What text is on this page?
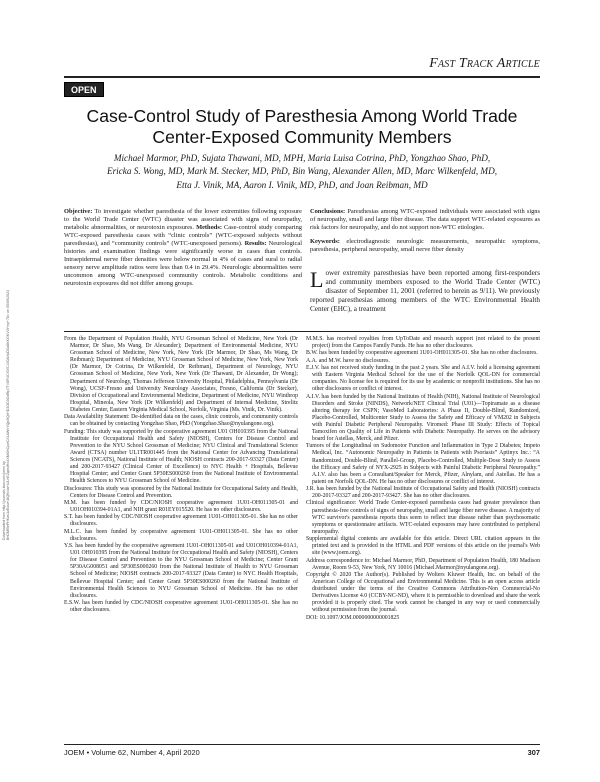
Downloaded from http://journals.lww.com/joem by BhDMf5ePHKav1zEoum1tQfN4a+kJLhEZgbsIHo4XMi0hCywCX1AWnYQp/IlQrHD3i3D0OdRyi7TvSFl4Cf3VC4/OAVpDDa8KKGKV0Ymy+78= on 05/09/2023
Fast Track Article
OPEN
Case-Control Study of Paresthesia Among World Trade Center-Exposed Community Members
Michael Marmor, PhD, Sujata Thawani, MD, MPH, Maria Luisa Cotrina, PhD, Yongzhao Shao, PhD,
Ericka S. Wong, MD, Mark M. Stecker, MD, PhD, Bin Wang, Alexander Allen, MD, Marc Wilkenfeld, MD,
Etta J. Vinik, MA, Aaron I. Vinik, MD, PhD, and Joan Reibman, MD
Objective: To investigate whether paresthesia of the lower extremities following exposure to the World Trade Center (WTC) disaster was associated with signs of neuropathy, metabolic abnormalities, or neurotoxin exposures. Methods: Case-control study comparing WTC-exposed paresthesia cases with “clinic controls” (WTC-exposed subjects without paresthesias), and “community controls” (WTC-unexposed persons). Results: Neurological histories and examination findings were significantly worse in cases than controls. Intraepidermal nerve fiber densities were below normal in 4% of cases and sural to radial sensory nerve amplitude ratios were less than 0.4 in 29.4%. Neurologic abnormalities were uncommon among WTC-unexposed community controls. Metabolic conditions and neurotoxin exposures did not differ among groups.
Conclusions: Paresthesias among WTC-exposed individuals were associated with signs of neuropathy, small and large fiber disease. The data support WTC-related exposures as risk factors for neuropathy, and do not support non-WTC etiologies.
Keywords: electrodiagnostic neurologic measurements, neuropathic symptoms, paresthesia, peripheral neuropathy, small nerve fiber density
Lower extremity paresthesias have been reported among first-responders and community members exposed to the World Trade Center (WTC) disaster of September 11, 2001 (referred to herein as 9/11). We previously reported paresthesias among members of the WTC Environmental Health Center (EHC), a treatment

From the Department of Population Health, NYU Grossman School of Medicine, New York (Dr Marmor, Dr Shao, Ms Wang, Dr Alexander); Department of Environmental Medicine, NYU Grossman School of Medicine, New York, New York (Dr Marmor, Dr Shao, Ms Wang, Dr Reibman); Department of Medicine, NYU Grossman School of Medicine, New York, New York (Dr Marmor, Dr Cotrina, Dr Wilkenfeld, Dr Reibman), Department of Neurology, NYU Grossman School of Medicine, New York, New York (Dr Thawani, Dr Alexander, Dr Wong); Department of Neurology, Thomas Jefferson University Hospital, Philadelphia, Pennsylvania (Dr Wong), UCSF-Fresno and University Neurology Associates, Fresno, California (Dr Stecker), Division of Occupational and Environmental Medicine, Department of Medicine, NYU Winthrop Hospital, Mineola, New York (Dr Wilkenfeld) and Department of Internal Medicine, Strelitz Diabetes Center, Eastern Virginia Medical School, Norfolk, Virginia (Ms. Vinik, Dr. Vinik).

Data Availability Statement: De-identified data on the cases, clinic controls, and community controls can be obtained by contacting Yongzhao Shao, PhD (Yongzhao.Shao@nyulangone.org).

Funding: This study was supported by the cooperative agreement U01 OH010395 from the National Institute for Occupational Health and Safety (NIOSH), Centers for Disease Control and Prevention to the NYU School Grossman of Medicine; NYU Clinical and Translational Science Award (CTSA) number UL1TR001445 from the National Center for Advancing Translational Sciences (NCATS), National Institute of Health; NIOSH contracts 200-2017-93327 (Data Center) and 200-2017-93427 (Clinical Center of Excellence) to NYC Health + Hospitals, Bellevue Hospital Center; and Center Grant 5P30ES000260 from the National Institute of Environmental Health Sciences to NYU Grossman School of Medicine.

Disclosures: This study was sponsored by the National Institute for Occupational Safety and Health, Centers for Disease Control and Prevention.

M.M. has been funded by CDC/NIOSH cooperative agreement 1U01-OH011305-01 and U01OH010394-01A1, and NIH grant R01EY015520. He has no other disclosures.

S.T. has been funded by CDC/NIOSH cooperative agreement 1U01-OH011305-01. She has no other disclosures.

M.L.C. has been funded by cooperative agreement 1U01-OH011305-01. She has no other disclosures.

Y.S. has been funded by the cooperative agreement 1U01-OH011305-01 and U01OH010394-01A1, U01 OH010395 from the National Institute for Occupational Health and Safety (NIOSH), Centers for Disease Control and Prevention to the NYU Grossman School of Medicine; Center Grant 5P30AG008051 and 5P30ES000260 from the National Institute of Health to NYU Grossman School of Medicine; NIOSH contracts 200-2017-93327 (Data Center) to NYC Health Hospitals, Bellevue Hospital Center; and Center Grant 5P30ES000260 from the National Institute of Environmental Health Sciences to NYU Grossman School of Medicine. He has no other disclosures.

E.S.W. has been funded by CDC/NIOSH cooperative agreement 1U01-OH011305-01. She has no other disclosures.

M.M.S. has received royalties from UpToDate and research support (not related to the present project) from the Campos Family Funds. He has no other disclosures.

B.W. has been funded by cooperative agreement 1U01-OH011305-01. She has no other disclosures.

A.A. and M.W. have no disclosures.

E.J.V. has not received study funding in the past 2 years. She and A.I.V. hold a licensing agreement with Eastern Virginia Medical School for the use of the Norfolk QOL-DN for commercial companies. No license fee is required for its use by academic or nonprofit institutions. She has no other disclosures or conflict of interest.

A.I.V. has been funded by the National Institutes of Health (NIH), National Institute of Neurological Disorders and Stroke (NINDS), Network/NET Clinical Trial (U01)—Topiramate as a disease altering therapy for CSPN; VasoMed Laboratories: A Phase II, Double-Blind, Randomized, Placebo-Controlled, Multicenter Study to Assess the Safety and Efficacy of VM202 in Subjects with Painful Diabetic Peripheral Neuropathy. Viromed: Phase III Study: Effects of Topical Tamoxifen on Quality of Life in Patients with Diabetic Neuropathy. He serves on the advisory board for Astellas, Merck, and Pfizer.

Tumors of the Longitudinal on Sudomotor Function and Inflammation in Type 2 Diabetes; Impeto Medical, Inc. “Autonomic Neuropathy in Patients in Patients with Psoriasis” Aptinyx Inc.: “A Randomized, Double-Blind, Parallel-Group, Placebo-Controlled, Multiple-Dose Study to Assess the Efficacy and Safety of NYX-2925 in Subjects with Painful Diabetic Peripheral Neuropathy.” A.I.V. also has been a Consultant/Speaker for Merck, Pfizer, Alnylam, and Astellas. He has a patent on Norfolk QOL-DN. He has no other disclosures or conflict of interest.

J.R. has been funded by the National Institute of Occupational Safety and Health (NIOSH) contracts 200-2017-93327 and 200-2017-93427. She has no other disclosures.

Clinical significance: World Trade Center-exposed paresthesia cases had greater prevalence than paresthesia-free controls of signs of neuropathy, small and large fiber nerve disease. A majority of WTC survivor's paresthesia reports thus seem to reflect true disease rather than psychosomatic symptoms or questionnaire artifacts. WTC-related exposures may have contributed to peripheral neuropathy.

Supplemental digital contents are available for this article. Direct URL citation appears in the printed text and is provided in the HTML and PDF versions of this article on the journal's Web site (www.joem.org).

Address correspondence to: Michael Marmor, PhD, Department of Population Health, 180 Madison Avenue, Room 9-53, New York, NY 10016 (Michael.Marmor@nyulangone.org).

Copyright © 2020 The Author(s). Published by Wolters Kluwer Health, Inc. on behalf of the American College of Occupational and Environmental Medicine. This is an open access article distributed under the terms of the Creative Commons Attribution-Non Commercial-No Derivatives License 4.0 (CCBY-NC-ND), where it is permissible to download and share the work provided it is properly cited. The work cannot be changed in any way or used commercially without permission from the journal.

DOI: 10.1097/JOM.0000000000001825

JOEM • Volume 62, Number 4, April 2020	307
